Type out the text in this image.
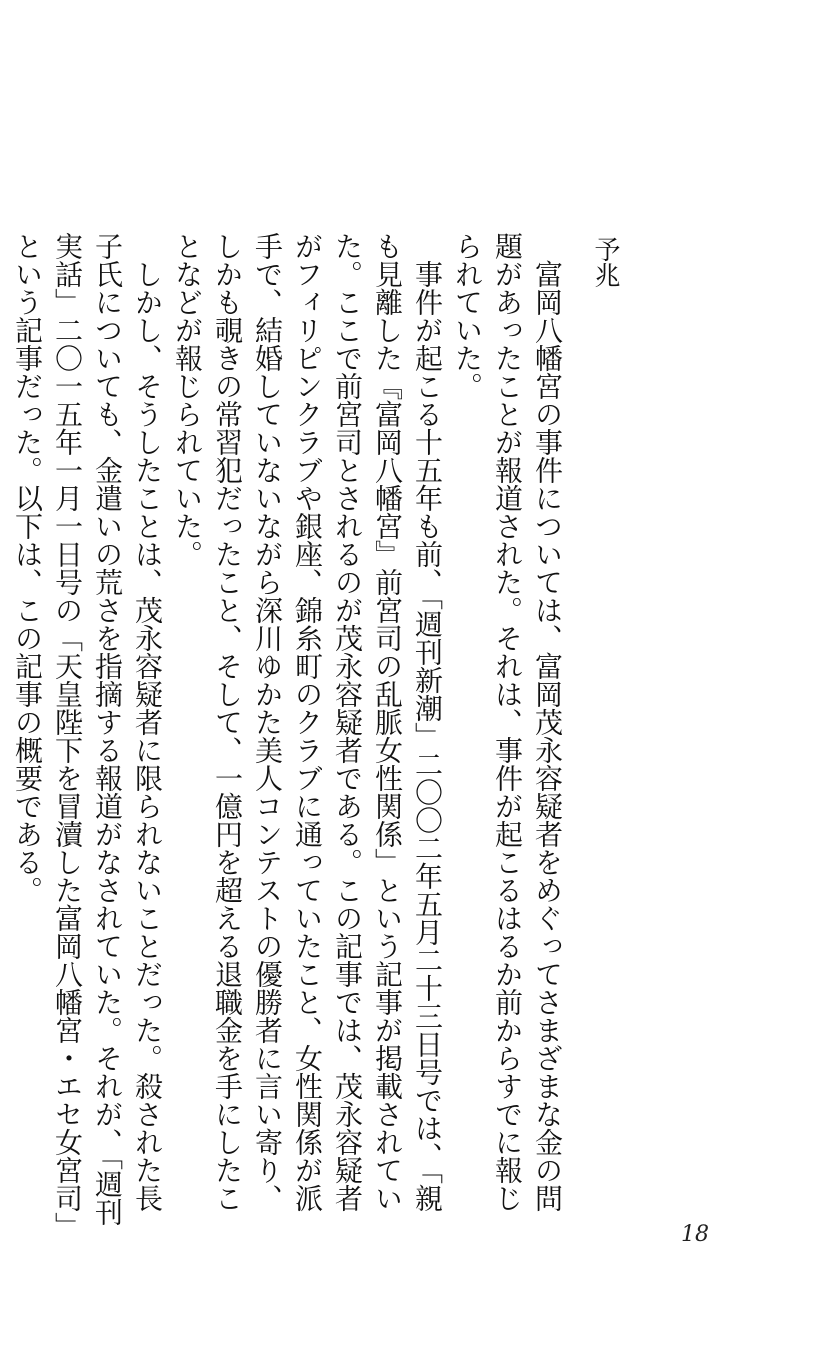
予兆

富岡八幡宮の事件については、富岡茂永容疑者をめぐってさまざまな金の問題があったことが報道された。それは、事件が起こるはるか前からすでに報じられていた。

事件が起こる十五年も前、「週刊新潮」二〇〇二年五月二十三日号では、「親も見離した『富岡八幡宮』前宮司の乱脈女性関係」という記事が掲載されていた。ここで前宮司とされるのが茂永容疑者である。この記事では、茂永容疑者がフィリピンクラブや銀座、錦糸町のクラブに通っていたこと、女性関係が派手で、結婚していないながら深川ゆかた美人コンテストの優勝者に言い寄り、しかも覗きの常習犯だったこと、そして、一億円を超える退職金を手にしたことなどが報じられていた。

しかし、そうしたことは、茂永容疑者に限られないことだった。殺された長子氏についても、金遣いの荒さを指摘する報道がなされていた。それが、「週刊実話」二〇一五年一月一日号の「天皇陛下を冒瀆した富岡八幡宮・エセ女宮司」という記事だった。以下は、この記事の概要である。

18
